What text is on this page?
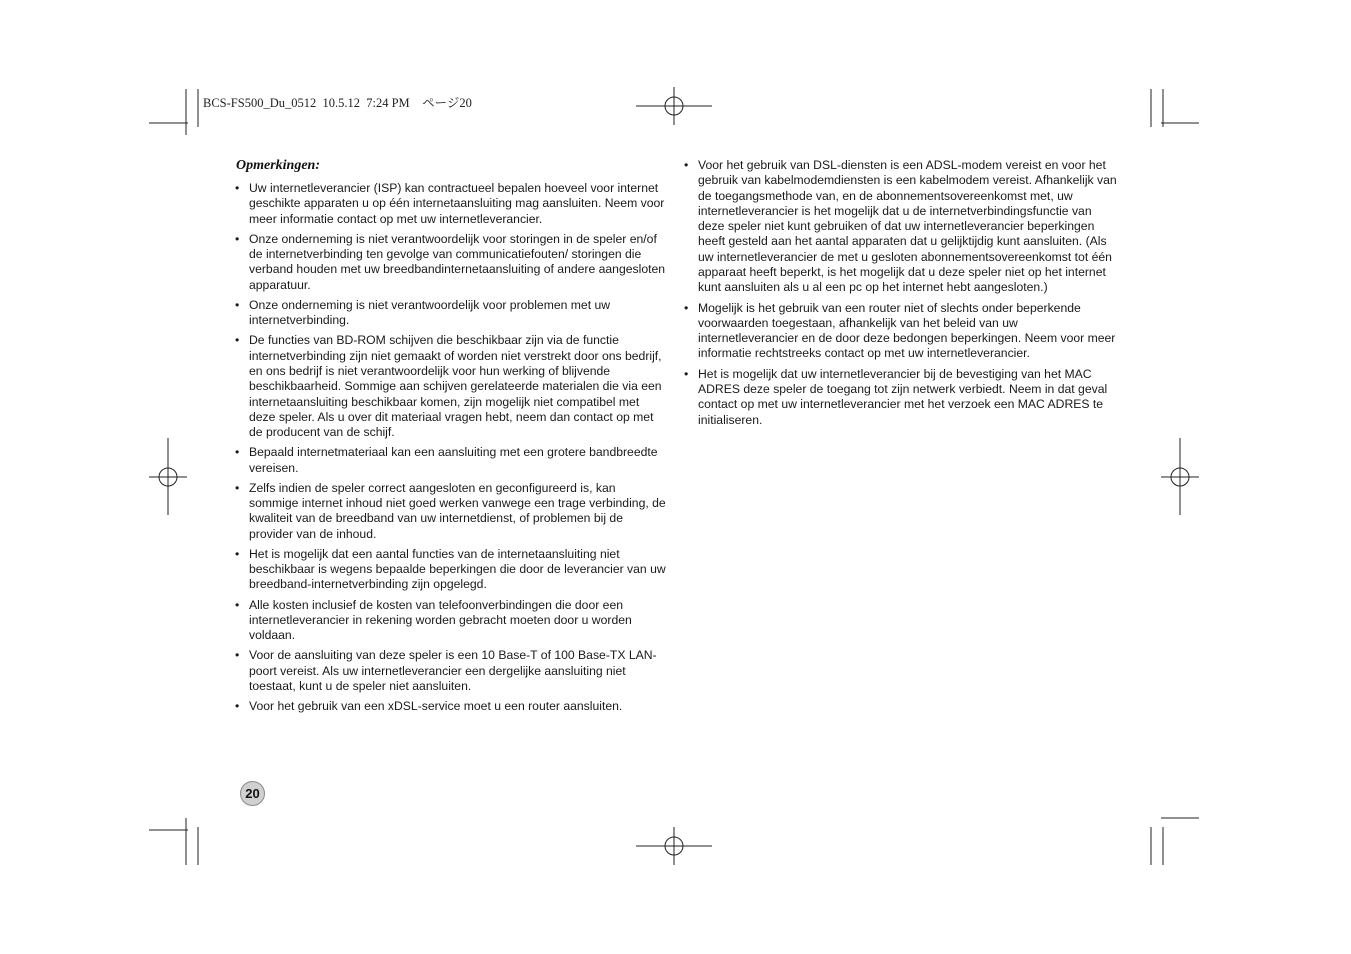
BCS-FS500_Du_0512  10.5.12  7:24 PM    ページ20
Opmerkingen:
• Uw internetleverancier (ISP) kan contractueel bepalen hoeveel voor internet geschikte apparaten u op één internetaansluiting mag aansluiten. Neem voor meer informatie contact op met uw internetleverancier.
• Onze onderneming is niet verantwoordelijk voor storingen in de speler en/of de internetverbinding ten gevolge van communicatiefouten/ storingen die verband houden met uw breedbandinternetaansluiting of andere aangesloten apparatuur.
• Onze onderneming is niet verantwoordelijk voor problemen met uw internetverbinding.
• De functies van BD-ROM schijven die beschikbaar zijn via de functie internetverbinding zijn niet gemaakt of worden niet verstrekt door ons bedrijf, en ons bedrijf is niet verantwoordelijk voor hun werking of blijvende beschikbaarheid. Sommige aan schijven gerelateerde materialen die via een internetaansluiting beschikbaar komen, zijn mogelijk niet compatibel met deze speler. Als u over dit materiaal vragen hebt, neem dan contact op met de producent van de schijf.
• Bepaald internetmateriaal kan een aansluiting met een grotere bandbreedte vereisen.
• Zelfs indien de speler correct aangesloten en geconfigureerd is, kan sommige internet inhoud niet goed werken vanwege een trage verbinding, de kwaliteit van de breedband van uw internetdienst, of problemen bij de provider van de inhoud.
• Het is mogelijk dat een aantal functies van de internetaansluiting niet beschikbaar is wegens bepaalde beperkingen die door de leverancier van uw breedband-internetverbinding zijn opgelegd.
• Alle kosten inclusief de kosten van telefoonverbindingen die door een internetleverancier in rekening worden gebracht moeten door u worden voldaan.
• Voor de aansluiting van deze speler is een 10 Base-T of 100 Base-TX LAN-poort vereist. Als uw internetleverancier een dergelijke aansluiting niet toestaat, kunt u de speler niet aansluiten.
• Voor het gebruik van een xDSL-service moet u een router aansluiten.
• Voor het gebruik van DSL-diensten is een ADSL-modem vereist en voor het gebruik van kabelmodemdiensten is een kabelmodem vereist. Afhankelijk van de toegangsmethode van, en de abonnementsovereenkomst met, uw internetleverancier is het mogelijk dat u de internetverbindingsfunctie van deze speler niet kunt gebruiken of dat uw internetleverancier beperkingen heeft gesteld aan het aantal apparaten dat u gelijktijdig kunt aansluiten. (Als uw internetleverancier de met u gesloten abonnementsovereenkomst tot één apparaat heeft beperkt, is het mogelijk dat u deze speler niet op het internet kunt aansluiten als u al een pc op het internet hebt aangesloten.)
• Mogelijk is het gebruik van een router niet of slechts onder beperkende voorwaarden toegestaan, afhankelijk van het beleid van uw internetleverancier en de door deze bedongen beperkingen. Neem voor meer informatie rechtstreeks contact op met uw internetleverancier.
• Het is mogelijk dat uw internetleverancier bij de bevestiging van het MAC ADRES deze speler de toegang tot zijn netwerk verbiedt. Neem in dat geval contact op met uw internetleverancier met het verzoek een MAC ADRES te initialiseren.
20
